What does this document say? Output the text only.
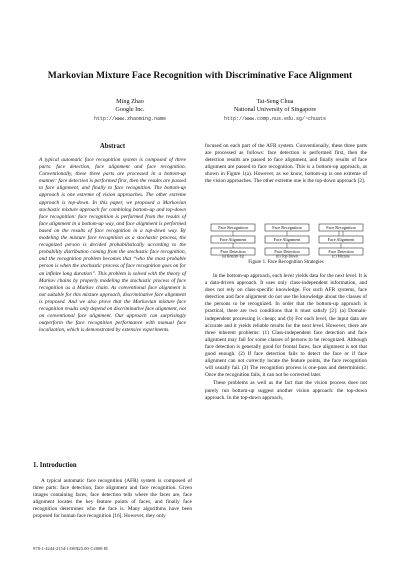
Markovian Mixture Face Recognition with Discriminative Face Alignment
Ming Zhao
Google Inc.
http://www.zhaoming.name
Tat-Seng Chua
National University of Singapore
http://www.comp.nus.edu.sg/~chuats
Abstract
A typical automatic face recognition system is composed of three parts: face detection, face alignment and face recognition. Conventionally, these three parts are processed in a bottom-up manner: face detection is performed first, then the results are passed to face alignment, and finally to face recognition. The bottom-up approach is one extreme of vision approaches. The other extreme approach is top-down. In this paper, we proposed a Markovian stochastic mixture approach for combining bottom-up and top-down face recognition: face recognition is performed from the results of face alignment in a bottom-up way, and face alignment is performed based on the results of face recognition in a top-down way. By modeling the mixture face recognition as a stochastic process, the recognized person is decided probabilistically according to the probability distribution coming from the stochastic face recognition, and the recognition problem becomes that “who the most probable person is when the stochastic process of face recognition goes on for an infinite long duration”. This problem is solved with the theory of Markov chains by properly modeling the stochastic process of face recognition as a Markov chain. As conventional face alignment is not suitable for this mixture approach, discriminative face alignment is proposed. And we also prove that the Markovian mixture face recognition results only depend on discriminative face alignment, not on conventional face alignment. Our approach can surprisingly outperform the face recognition performance with manual face localization, which is demonstrated by extensive experiments.
1. Introduction

A typical automatic face recognition (AFR) system is composed of three parts: face detection, face alignment and face recognition. Given images containing faces, face detection tells where the faces are, face alignment locates the key feature points of faces, and finally face recognition determines who the face is. Many algorithms have been proposed for human face recognition [16]. However, they only

978-1-4244-2154-1/08/$25.00 ©2008 IE

focused on each part of the AFR system. Conventionally, these three parts are processed as follows: face detection is performed first, then the detection results are passed to face alignment, and finally results of face alignment are passed to face recognition. This is a bottom-up approach, as shown in Figure 1(a). However, as we know, bottom-up is one extreme of the vision approaches. The other extreme one is the top-down approach [2].

Face Recognition
Face Alignment
Face Detection
Face Recognition
Face Alignment
Face Detection
Face Recognition
Face Alignment
Face Detection
(a) Bottom-Up	(b) Top-Down	(c) Mixture
Figure 1. Face Recognition Strategies

In the bottom-up approach, each level yields data for the next level. It is a data-driven approach. It uses only class-independent information, and does not rely on class-specific knowledge. For such AFR systems, face detection and face alignment do not use the knowledge about the classes of the persons to be recognized. In order that the bottom-up approach is practical, there are two conditions that it must satisfy [2]: (a) Domain-independent processing is cheap; and (b) For each level, the input data are accurate and it yields reliable results for the next level. However, there are three inherent problems: (1) Class-independent face detection and face alignment may fail for some classes of persons to be recognized. Although face detection is generally good for frontal faces, face alignment is not that good enough. (2) If face detection fails to detect the face or if face alignment can not correctly locate the feature points, the face recognition will usually fail. (3) The recognition process is one-pass and deterministic. Once the recognition fails, it can not be corrected later.

These problems as well as the fact that the vision process does not purely run bottom-up suggest another vision approach: the top-down approach. In the top-down approach,
